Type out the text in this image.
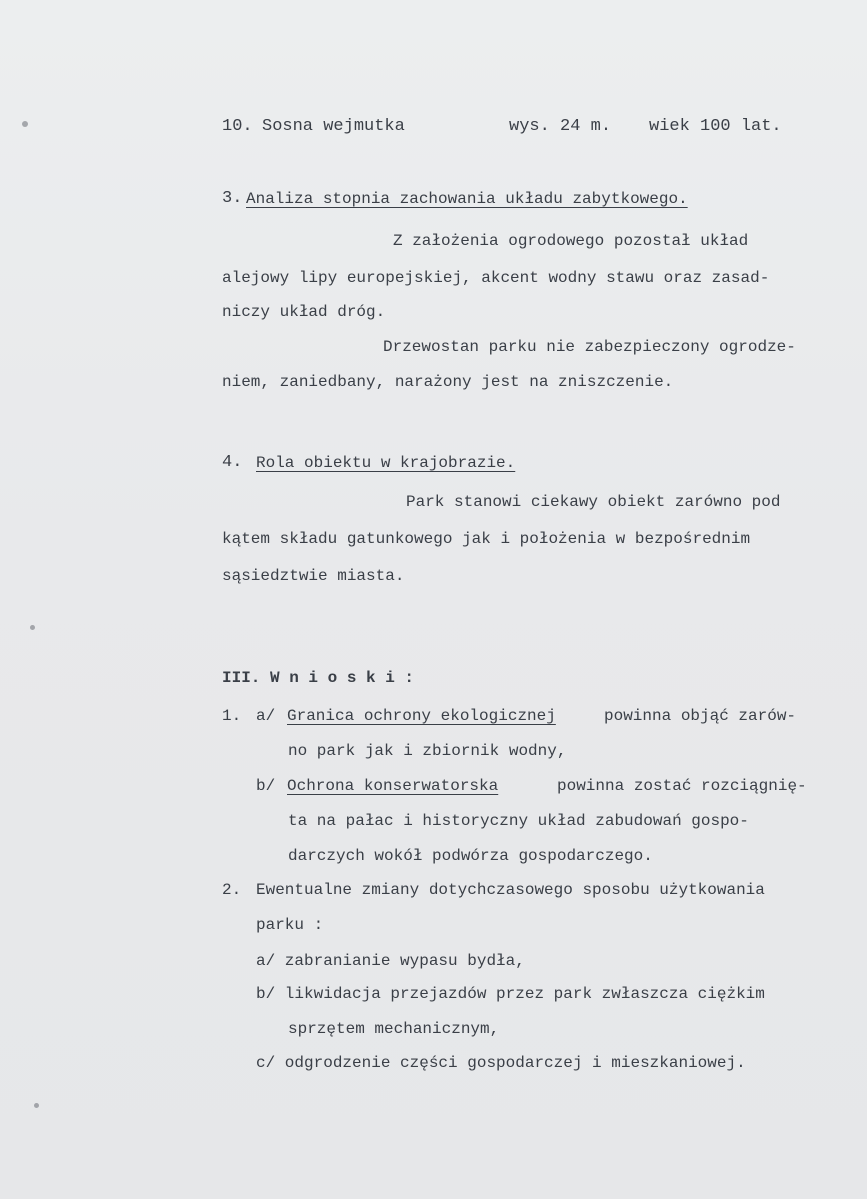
10. Sosna wejmutka	wys. 24 m. wiek 100 lat.
3. Analiza stopnia zachowania układu zabytkowego.
Z założenia ogrodowego pozostał układ
alejowy lipy europejskiej, akcent wodny stawu oraz zasad-
niczy układ dróg.
Drzewostan parku nie zabezpieczony ogrodze-
niem, zaniedbany, narażony jest na zniszczenie.
4. Rola obiektu w krajobrazie.
Park stanowi ciekawy obiekt zarówno pod
kątem składu gatunkowego jak i położenia w bezpośrednim
sąsiedztwie miasta.
III. W n i o s k i :
1. a/ Granica ochrony ekologicznej	powinna objąć zarów-
no park jak i zbiornik wodny,
b/ Ochrona konserwatorska	powinna zostać rozciągnię-
ta na pałac i historyczny układ zabudowań gospo-
darczych wokół podwórza gospodarczego.
2. Ewentualne zmiany dotychczasowego sposobu użytkowania
parku :
a/ zabranianie wypasu bydła,
b/ likwidacja przejazdów przez park zwłaszcza ciężkim
sprzętem mechanicznym,
c/ odgrodzenie części gospodarczej i mieszkaniowej.
